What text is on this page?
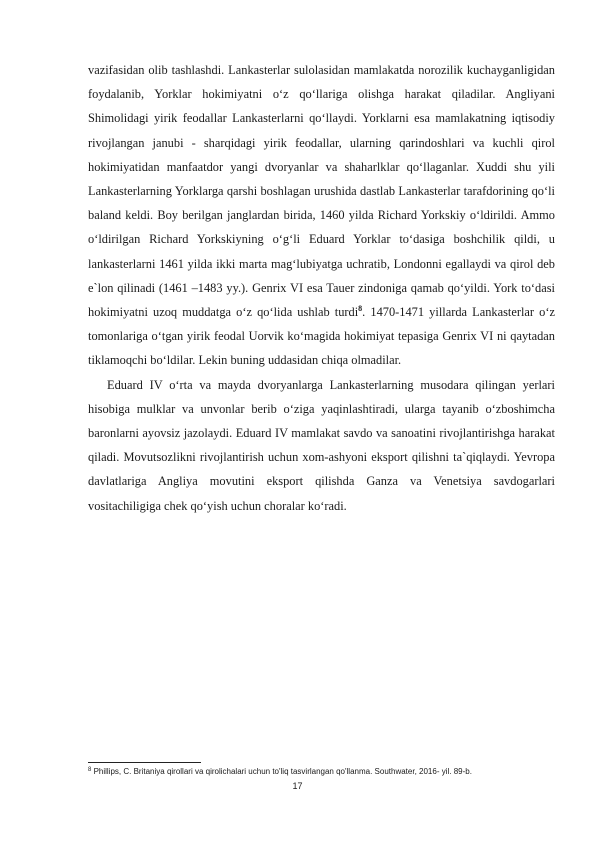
vazifasidan olib tashlashdi. Lankasterlar sulolasidan mamlakatda norozilik kuchayganligidan foydalanib, Yorklar hokimiyatni o‘z qo‘llariga olishga harakat qiladilar. Angliyani Shimolidagi yirik feodallar Lankasterlarni qo‘llaydi. Yorklarni esa mamlakatning iqtisodiy rivojlangan janubi - sharqidagi yirik feodallar, ularning qarindoshlari va kuchli qirol hokimiyatidan manfaatdor yangi dvoryanlar va shaharlklar qo‘llaganlar. Xuddi shu yili Lankasterlarning Yorklarga qarshi boshlagan urushida dastlab Lankasterlar tarafdorining qo‘li baland keldi. Boy berilgan janglardan birida, 1460 yilda Richard Yorkskiy o‘ldirildi. Ammo o‘ldirilgan Richard Yorkskiyning o‘g‘li Eduard Yorklar to‘dasiga boshchilik qildi, u lankasterlarni 1461 yilda ikki marta mag‘lubiyatga uchratib, Londonni egallaydi va qirol deb e`lon qilinadi (1461 –1483 yy.). Genrix VI esa Tauer zindoniga qamab qo‘yildi. York to‘dasi hokimiyatni uzoq muddatga o‘z qo‘lida ushlab turdi$^8$. 1470-1471 yillarda Lankasterlar o‘z tomonlariga o‘tgan yirik feodal Uorvik ko‘magida hokimiyat tepasiga Genrix VI ni qaytadan tiklamoqchi bo‘ldilar. Lekin buning uddasidan chiqa olmadilar.

Eduard IV o‘rta va mayda dvoryanlarga Lankasterlarning musodara qilingan yerlari hisobiga mulklar va unvonlar berib o‘ziga yaqinlashtiradi, ularga tayanib o‘zboshimcha baronlarni ayovsiz jazolaydi. Eduard IV mamlakat savdo va sanoatini rivojlantirishga harakat qiladi. Movutsozlikni rivojlantirish uchun xom-ashyoni eksport qilishni ta`qiqlaydi. Yevropa davlatlariga Angliya movutini eksport qilishda Ganza va Venetsiya savdogarlari vositachiligiga chek qo‘yish uchun choralar ko‘radi.

$^8$ Phillips, C. Britaniya qirollari va qirolichalari uchun to'liq tasvirlangan qo'llanma. Southwater, 2016- yil. 89-b.
17
